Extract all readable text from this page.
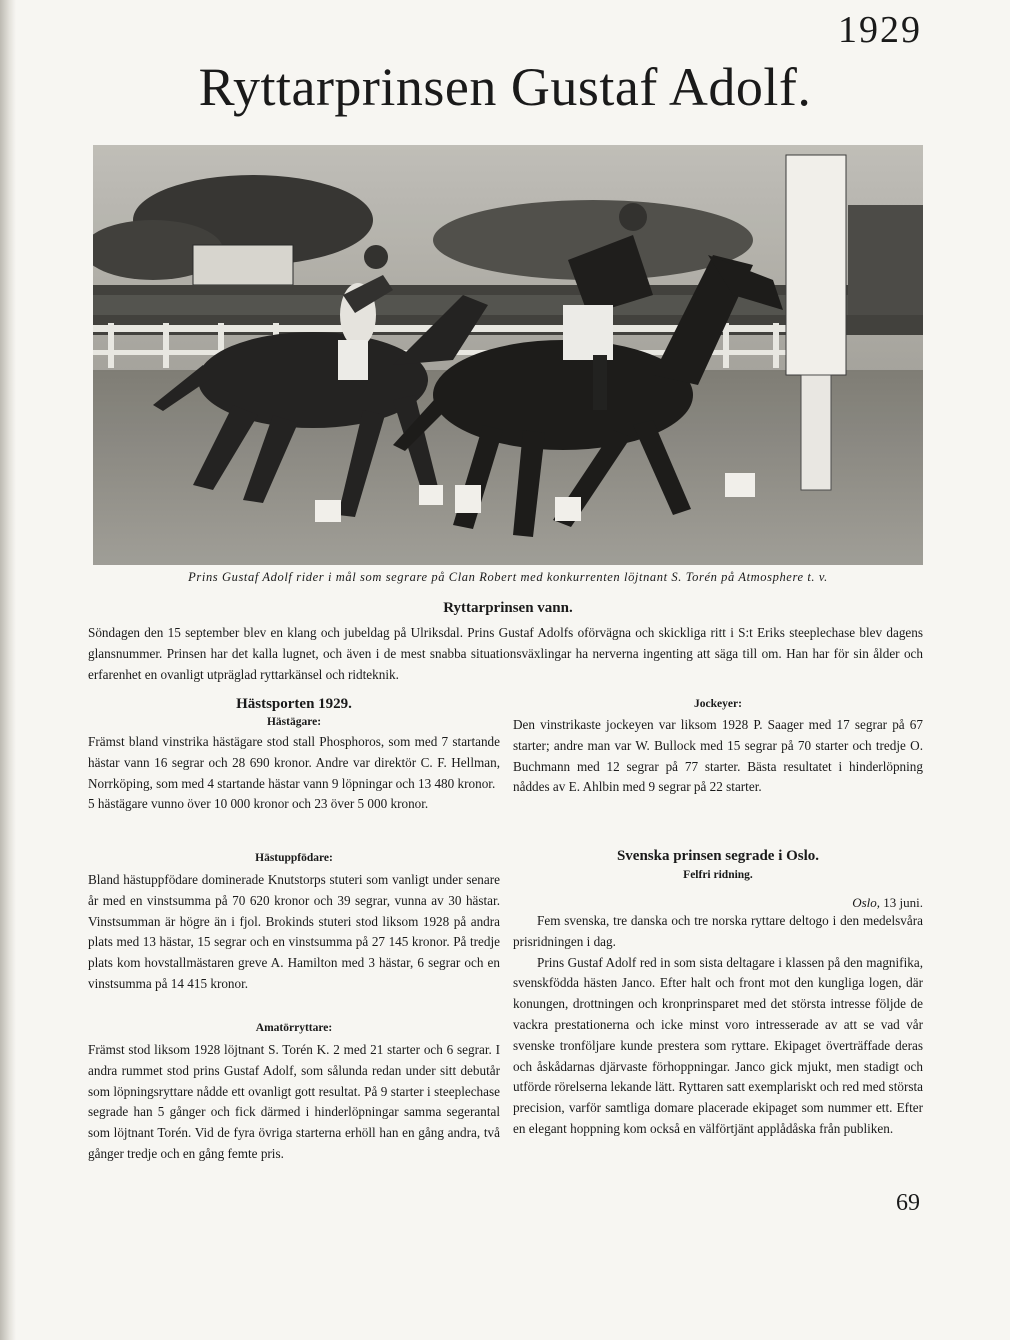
1929
Ryttarprinsen Gustaf Adolf.
Prins Gustaf Adolf rider i mål som segrare på Clan Robert med konkurrenten löjtnant S. Torén på Atmosphere t. v.
Ryttarprinsen vann.

Söndagen den 15 september blev en klang och jubeldag på Ulriksdal. Prins Gustaf Adolfs oförvägna och skickliga ritt i S:t Eriks steeplechase blev dagens glansnummer. Prinsen har det kalla lugnet, och även i de mest snabba situationsväxlingar ha nerverna ingenting att säga till om. Han har för sin ålder och erfarenhet en ovanligt utpräglad ryttarkänsel och ridteknik.

Hästsporten 1929.
Hästägare:

Främst bland vinstrika hästägare stod stall Phosphoros, som med 7 startande hästar vann 16 segrar och 28 690 kronor. Andre var direktör C. F. Hellman, Norrköping, som med 4 startande hästar vann 9 löpningar och 13 480 kronor.

5 hästägare vunno över 10 000 kronor och 23 över 5 000 kronor.

Hästuppfödare:

Bland hästuppfödare dominerade Knutstorps stuteri som vanligt under senare år med en vinstsumma på 70 620 kronor och 39 segrar, vunna av 30 hästar. Vinstsumman är högre än i fjol. Brokinds stuteri stod liksom 1928 på andra plats med 13 hästar, 15 segrar och en vinstsumma på 27 145 kronor. På tredje plats kom hovstallmästaren greve A. Hamilton med 3 hästar, 6 segrar och en vinstsumma på 14 415 kronor.

Amatörryttare:

Främst stod liksom 1928 löjtnant S. Torén K. 2 med 21 starter och 6 segrar. I andra rummet stod prins Gustaf Adolf, som sålunda redan under sitt debutår som löpningsryttare nådde ett ovanligt gott resultat. På 9 starter i steeplechase segrade han 5 gånger och fick därmed i hinderlöpningar samma segerantal som löjtnant Torén. Vid de fyra övriga starterna erhöll han en gång andra, två gånger tredje och en gång femte pris.

Jockeyer:

Den vinstrikaste jockeyen var liksom 1928 P. Saager med 17 segrar på 67 starter; andre man var W. Bullock med 15 segrar på 70 starter och tredje O. Buchmann med 12 segrar på 77 starter. Bästa resultatet i hinderlöpning nåddes av E. Ahlbin med 9 segrar på 22 starter.

Svenska prinsen segrade i Oslo.
Felfri ridning.

Oslo, 13 juni.

Fem svenska, tre danska och tre norska ryttare deltogo i den medelsvåra prisridningen i dag.

Prins Gustaf Adolf red in som sista deltagare i klassen på den magnifika, svenskfödda hästen Janco. Efter halt och front mot den kungliga logen, där konungen, drottningen och kronprinsparet med det största intresse följde de vackra prestationerna och icke minst voro intresserade av att se vad vår svenske tronföljare kunde prestera som ryttare. Ekipaget överträffade deras och åskådarnas djärvaste förhoppningar. Janco gick mjukt, men stadigt och utförde rörelserna lekande lätt. Ryttaren satt exemplariskt och red med största precision, varför samtliga domare placerade ekipaget som nummer ett. Efter en elegant hoppning kom också en välförtjänt applådåska från publiken.

69
